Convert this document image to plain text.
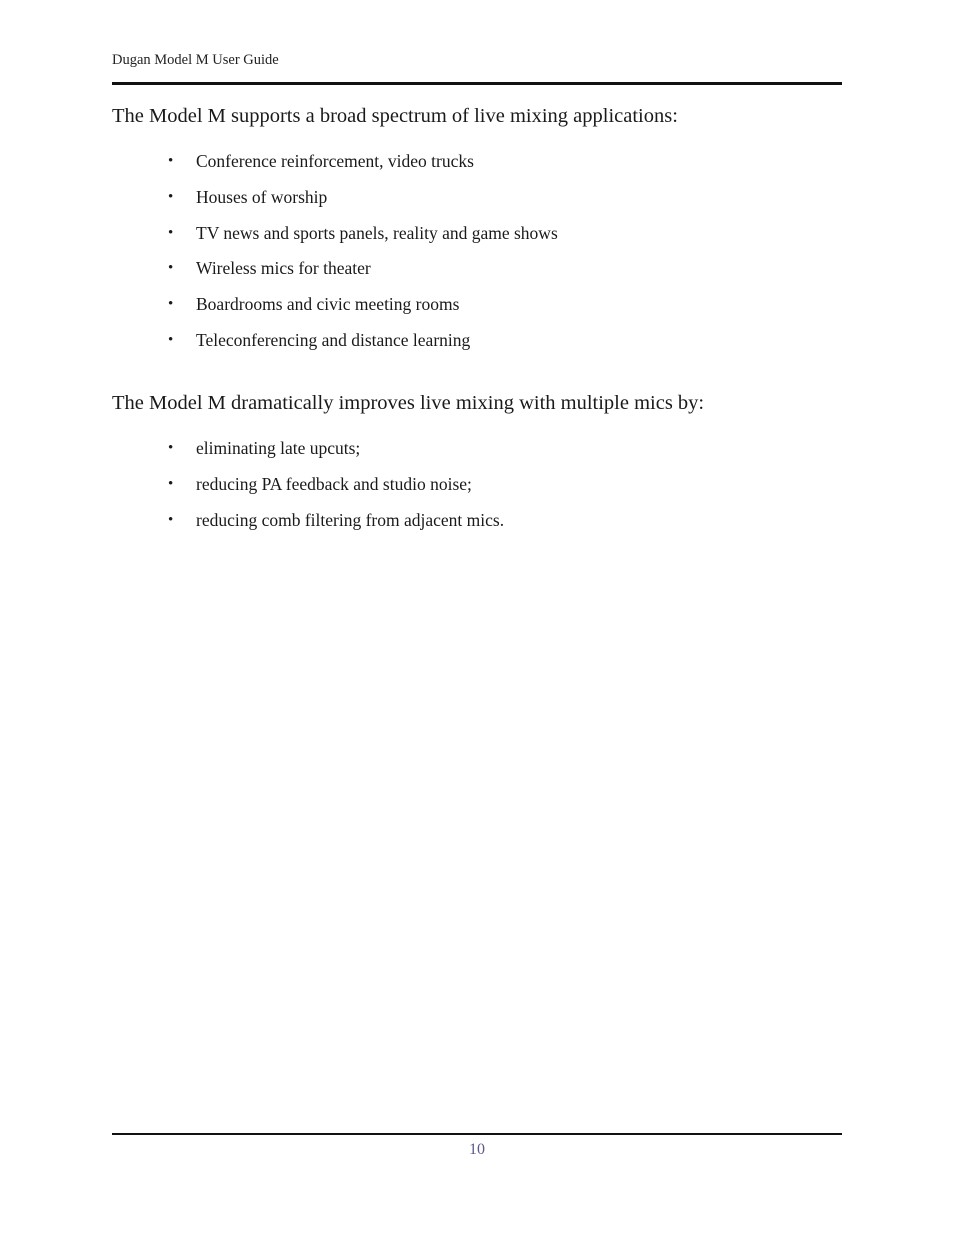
Dugan Model M User Guide

The Model M supports a broad spectrum of live mixing applications:

• Conference reinforcement, video trucks
• Houses of worship
• TV news and sports panels, reality and game shows
• Wireless mics for theater
• Boardrooms and civic meeting rooms
• Teleconferencing and distance learning

The Model M dramatically improves live mixing with multiple mics by:

• eliminating late upcuts;
• reducing PA feedback and studio noise;
• reducing comb filtering from adjacent mics.
10
